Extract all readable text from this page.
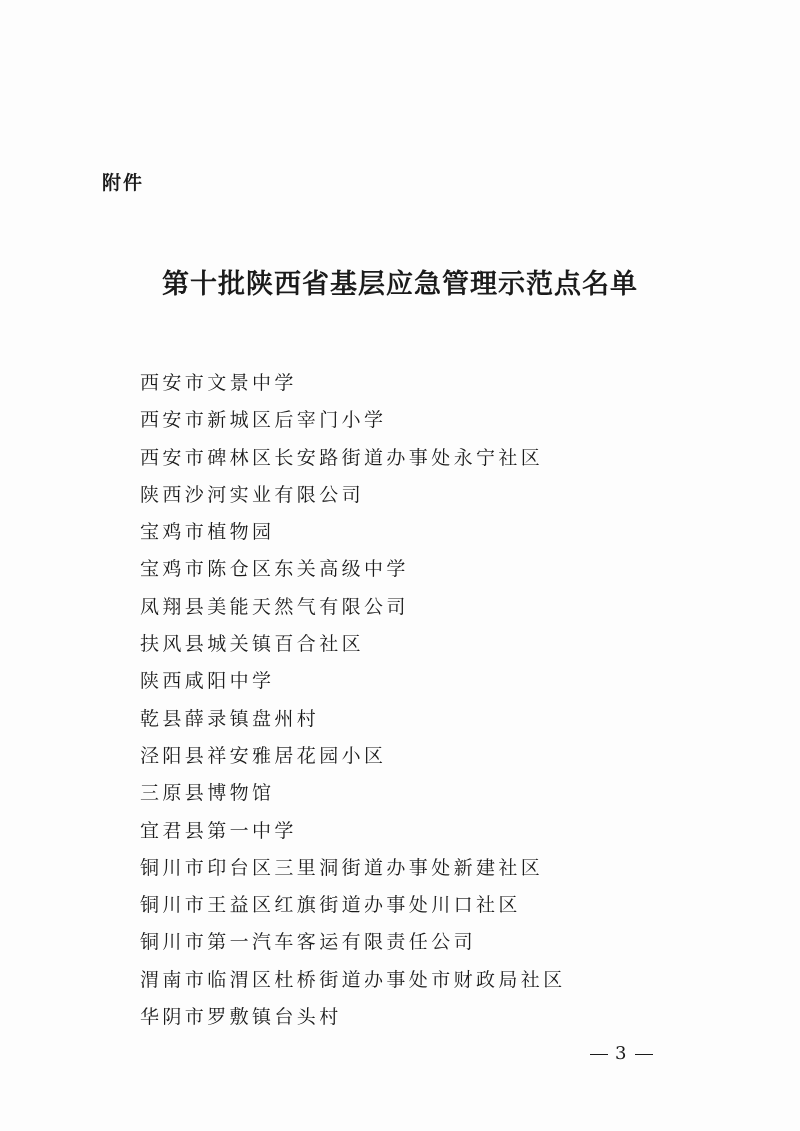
附件
第十批陕西省基层应急管理示范点名单
西安市文景中学
西安市新城区后宰门小学
西安市碑林区长安路街道办事处永宁社区
陕西沙河实业有限公司
宝鸡市植物园
宝鸡市陈仓区东关高级中学
凤翔县美能天然气有限公司
扶风县城关镇百合社区
陕西咸阳中学
乾县薛录镇盘州村
泾阳县祥安雅居花园小区
三原县博物馆
宜君县第一中学
铜川市印台区三里洞街道办事处新建社区
铜川市王益区红旗街道办事处川口社区
铜川市第一汽车客运有限责任公司
渭南市临渭区杜桥街道办事处市财政局社区
华阴市罗敷镇台头村
3
